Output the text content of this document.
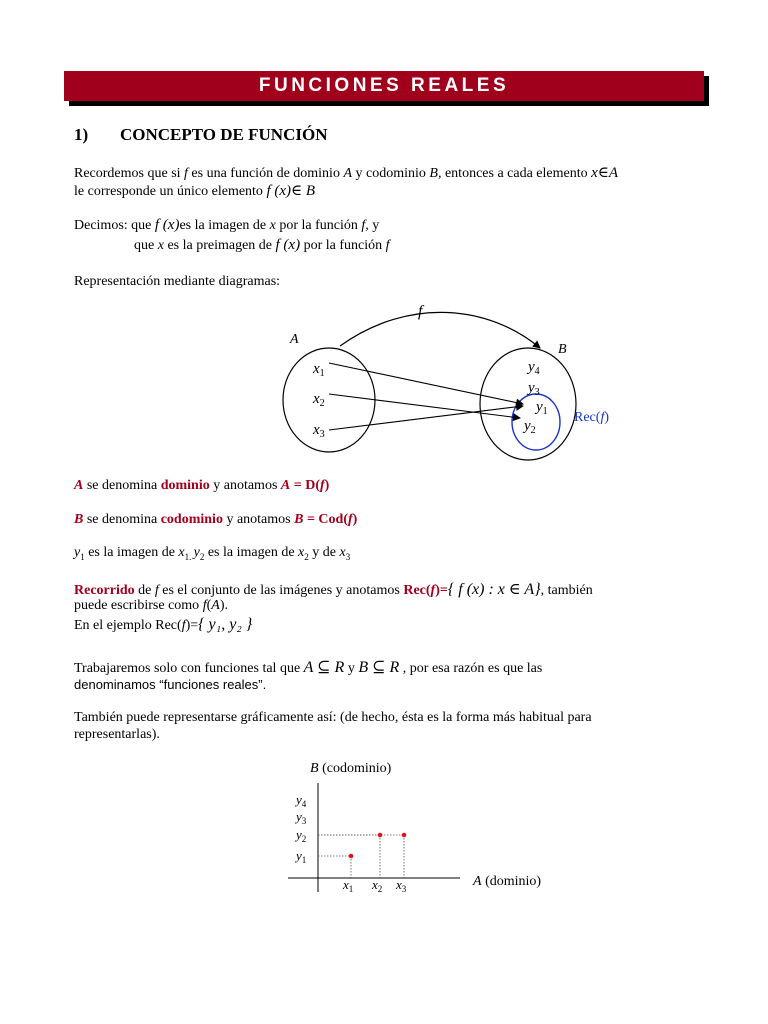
FUNCIONES REALES
1) CONCEPTO DE FUNCIÓN
Recordemos que si f es una función de dominio A y codominio B, entonces a cada elemento x∈A
le corresponde un único elemento f (x)∈ B
Decimos: que f (x)es la imagen de x por la función f, y
que x es la preimagen de f (x) por la función f
Representación mediante diagramas:
f
A
B
$x_1$
$x_2$
$x_3$
$y_4$
$y_3$
$y_1$
$y_2$
Rec(f)
A se denomina dominio y anotamos A = D(f)
B se denomina codominio y anotamos B = Cod(f)
$y_1$ es la imagen de $x_{1.}$ $y_2$ es la imagen de $x_2$ y de $x_3$
Recorrido de f es el conjunto de las imágenes y anotamos Rec(f)={ f (x) : x ∈ A}, también
puede escribirse como f(A).
En el ejemplo Rec(f)={ y₁, y₂ }
Trabajaremos solo con funciones tal que A ⊆ R y B ⊆ R , por esa razón es que las
denominamos “funciones reales”.
También puede representarse gráficamente así: (de hecho, ésta es la forma más habitual para
representarlas).
B (codominio)
A (dominio)
$y_4$
$y_3$
$y_2$
$y_1$
$x_1$ $x_2$ $x_3$
